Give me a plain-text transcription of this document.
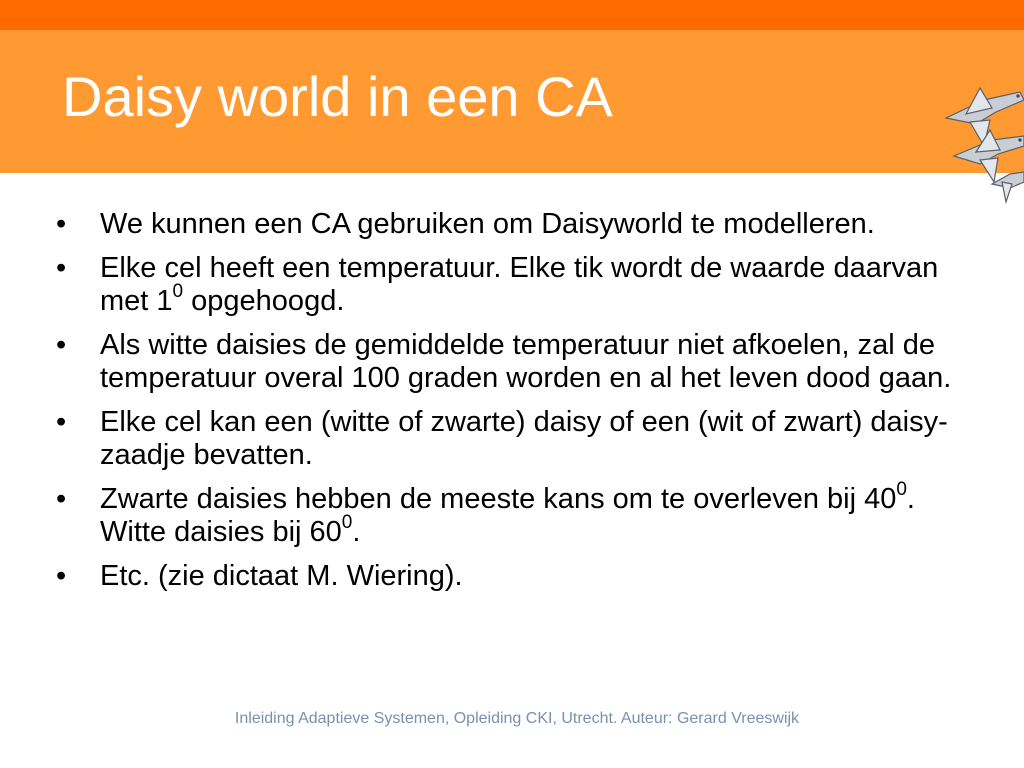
Daisy world in een CA
•	We kunnen een CA gebruiken om Daisyworld te modelleren.
•	Elke cel heeft een temperatuur. Elke tik wordt de waarde daarvan met $1^0$ opgehoogd.
•	Als witte daisies de gemiddelde temperatuur niet afkoelen, zal de temperatuur overal 100 graden worden en al het leven dood gaan.
•	Elke cel kan een (witte of zwarte) daisy of een (wit of zwart) daisy-zaadje bevatten.
•	Zwarte daisies hebben de meeste kans om te overleven bij $40^0$. Witte daisies bij $60^0$.
•	Etc. (zie dictaat M. Wiering).
Inleiding Adaptieve Systemen, Opleiding CKI, Utrecht. Auteur: Gerard Vreeswijk
